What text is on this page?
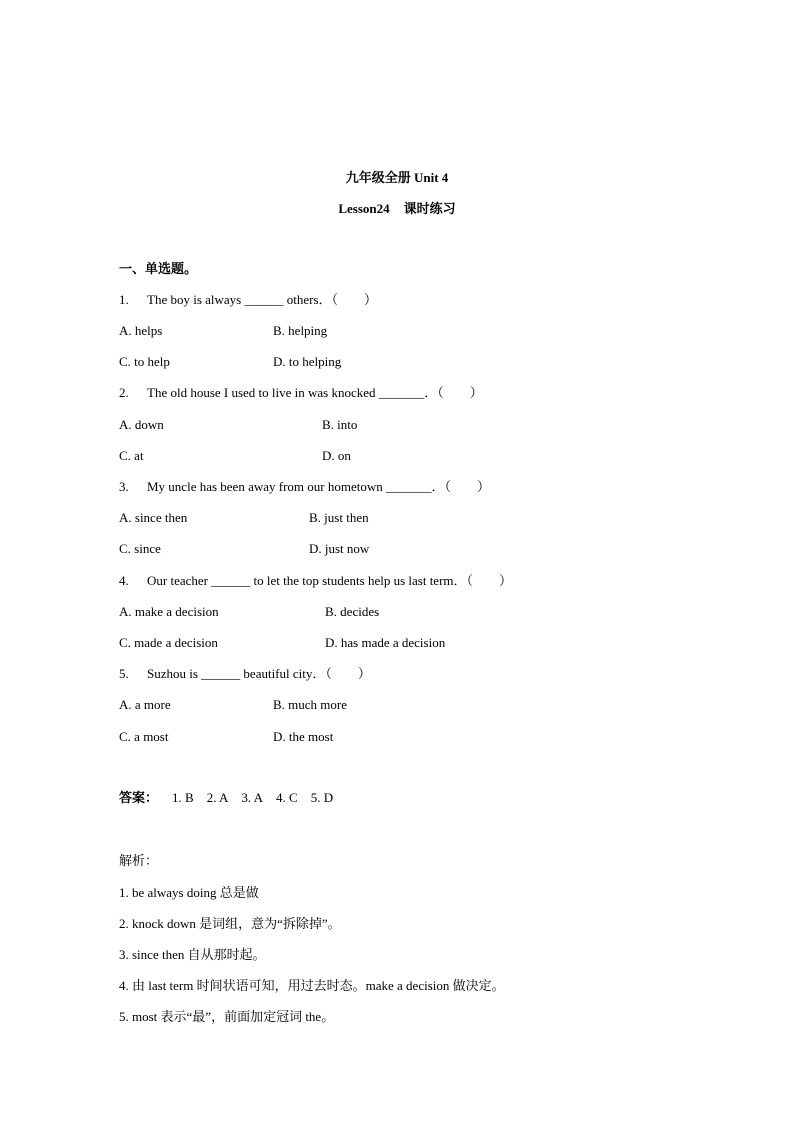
九年级全册 Unit 4
Lesson24 课时练习
一、单选题。
1. The boy is always ______ others．（　　）
A. helps	B. helping
C. to help	D. to helping
2. The old house I used to live in was knocked _______．（　　）
A. down	B. into
C. at	D. on
3. My uncle has been away from our hometown _______．（　　）
A. since then	B. just then
C. since	D. just now
4. Our teacher ______ to let the top students help us last term．（　　）
A. make a decision	B. decides
C. made a decision	D. has made a decision
5. Suzhou is ______ beautiful city．（　　）
A. a more	B. much more
C. a most	D. the most
答案： 1. B 2. A 3. A 4. C 5. D
解析：
1. be always doing 总是做
2. knock down 是词组，意为“拆除掉”。
3. since then 自从那时起。
4. 由 last term 时间状语可知，用过去时态。make a decision 做决定。
5. most 表示“最”，前面加定冠词 the。
